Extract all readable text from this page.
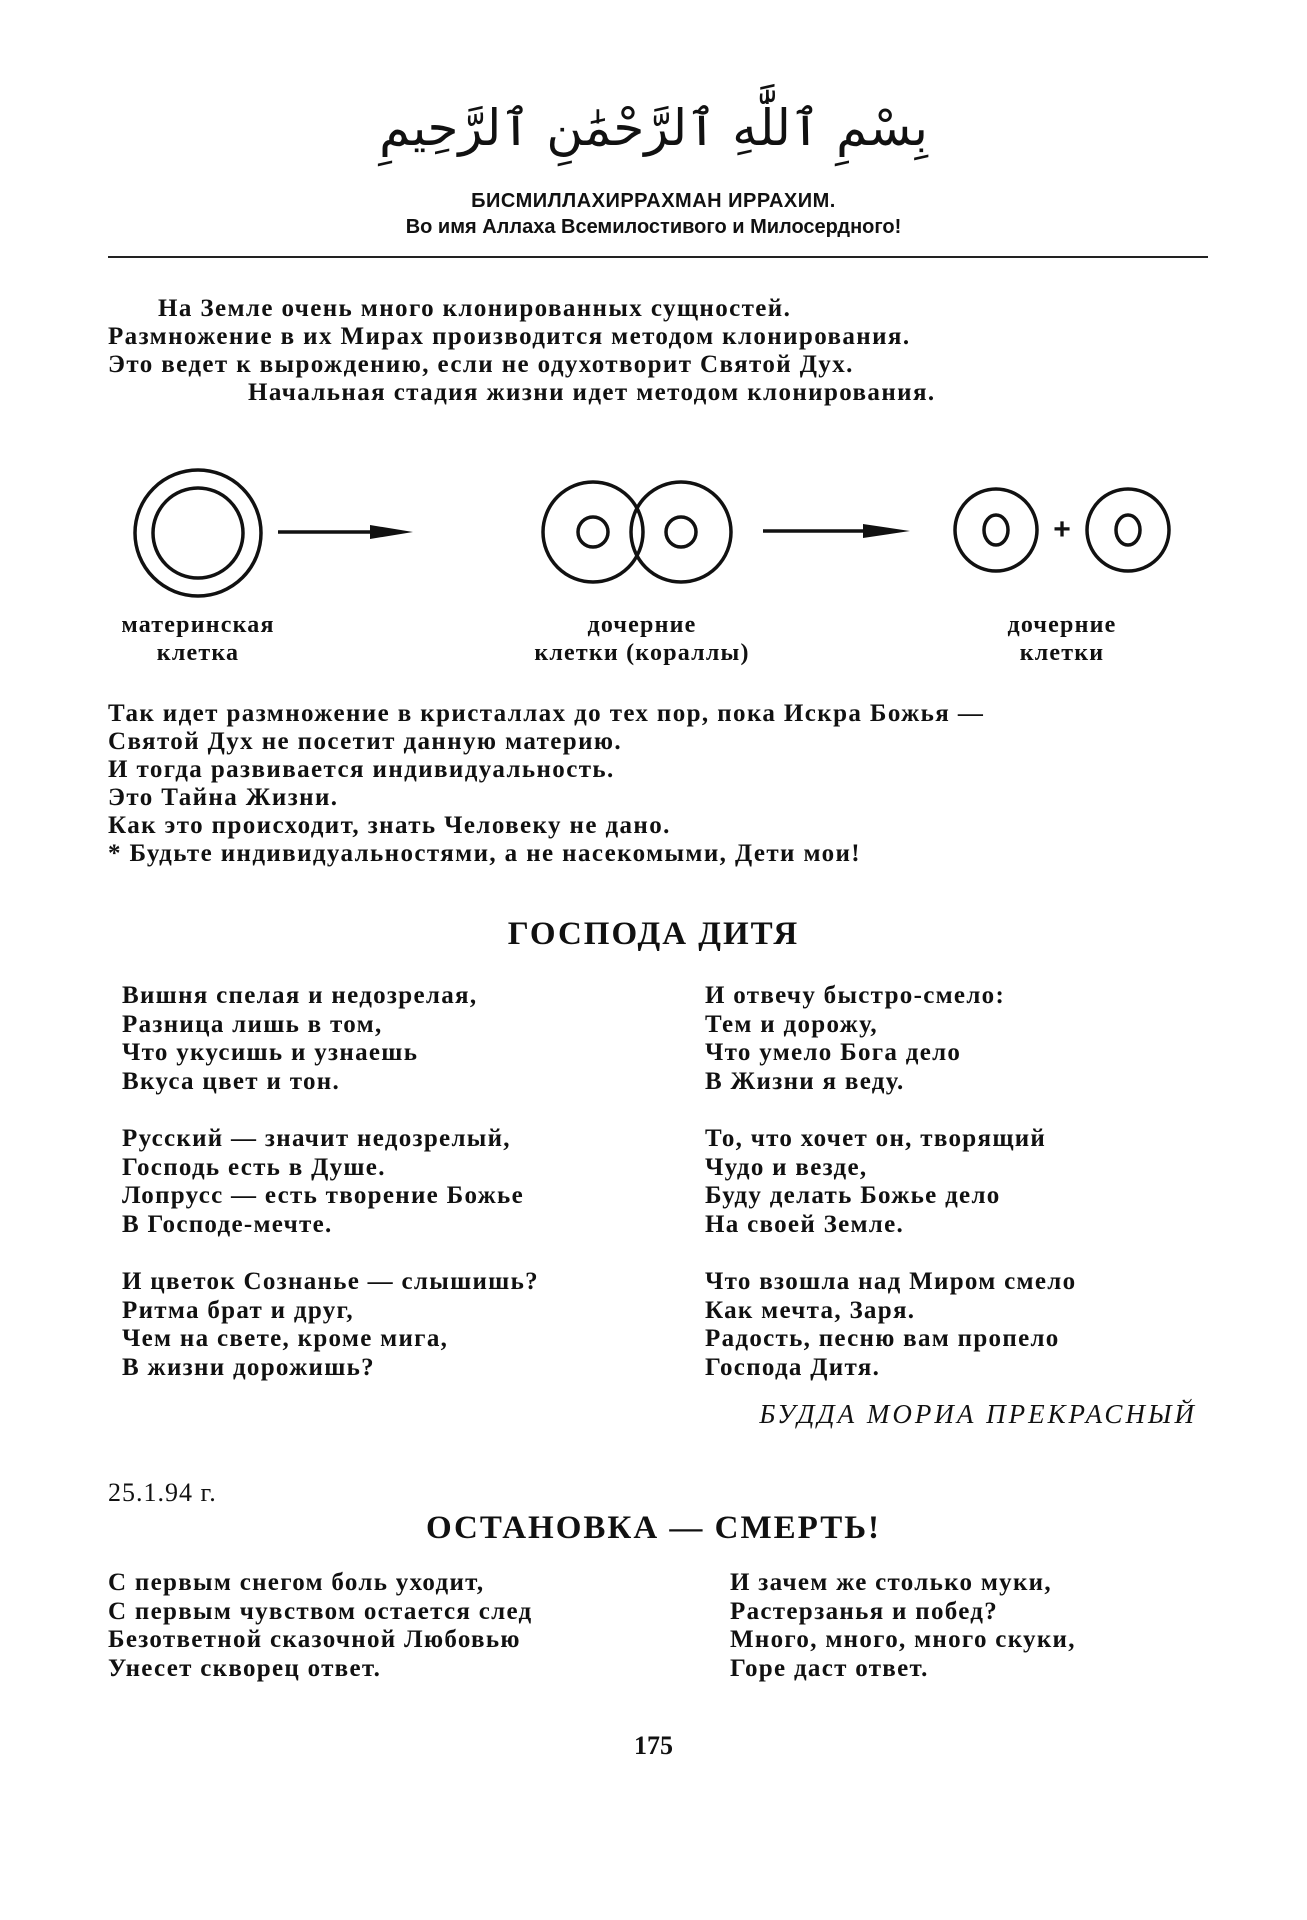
بِسْمِ ٱللَّٰهِ ٱلرَّحْمَٰنِ ٱلرَّحِيمِ
БИСМИЛЛАХИРРАХМАН ИРРАХИМ.
Во имя Аллаха Всемилостивого и Милосердного!
На Земле очень много клонированных сущностей.
Размножение в их Мирах производится методом клонирования.
Это ведет к вырождению, если не одухотворит Святой Дух.
Начальная стадия жизни идет методом клонирования.
+
материнская
клетка
дочерние
клетки (кораллы)
дочерние
клетки
Так идет размножение в кристаллах до тех пор, пока Искра Божья —
Святой Дух не посетит данную материю.
И тогда развивается индивидуальность.
Это Тайна Жизни.
Как это происходит, знать Человеку не дано.
* Будьте индивидуальностями, а не насекомыми, Дети мои!
ГОСПОДА ДИТЯ
Вишня спелая и недозрелая,
Разница лишь в том,
Что укусишь и узнаешь
Вкуса цвет и тон.
Русский — значит недозрелый,
Господь есть в Душе.
Лопрусс — есть творение Божье
В Господе-мечте.
И цветок Сознанье — слышишь?
Ритма брат и друг,
Чем на свете, кроме мига,
В жизни дорожишь?
И отвечу быстро-смело:
Тем и дорожу,
Что умело Бога дело
В Жизни я веду.
То, что хочет он, творящий
Чудо и везде,
Буду делать Божье дело
На своей Земле.
Что взошла над Миром смело
Как мечта, Заря.
Радость, песню вам пропело
Господа Дитя.
БУДДА МОРИА ПРЕКРАСНЫЙ
25.1.94 г.
ОСТАНОВКА — СМЕРТЬ!
С первым снегом боль уходит,
С первым чувством остается след
Безответной сказочной Любовью
Унесет скворец ответ.
И зачем же столько муки,
Растерзанья и побед?
Много, много, много скуки,
Горе даст ответ.
175
